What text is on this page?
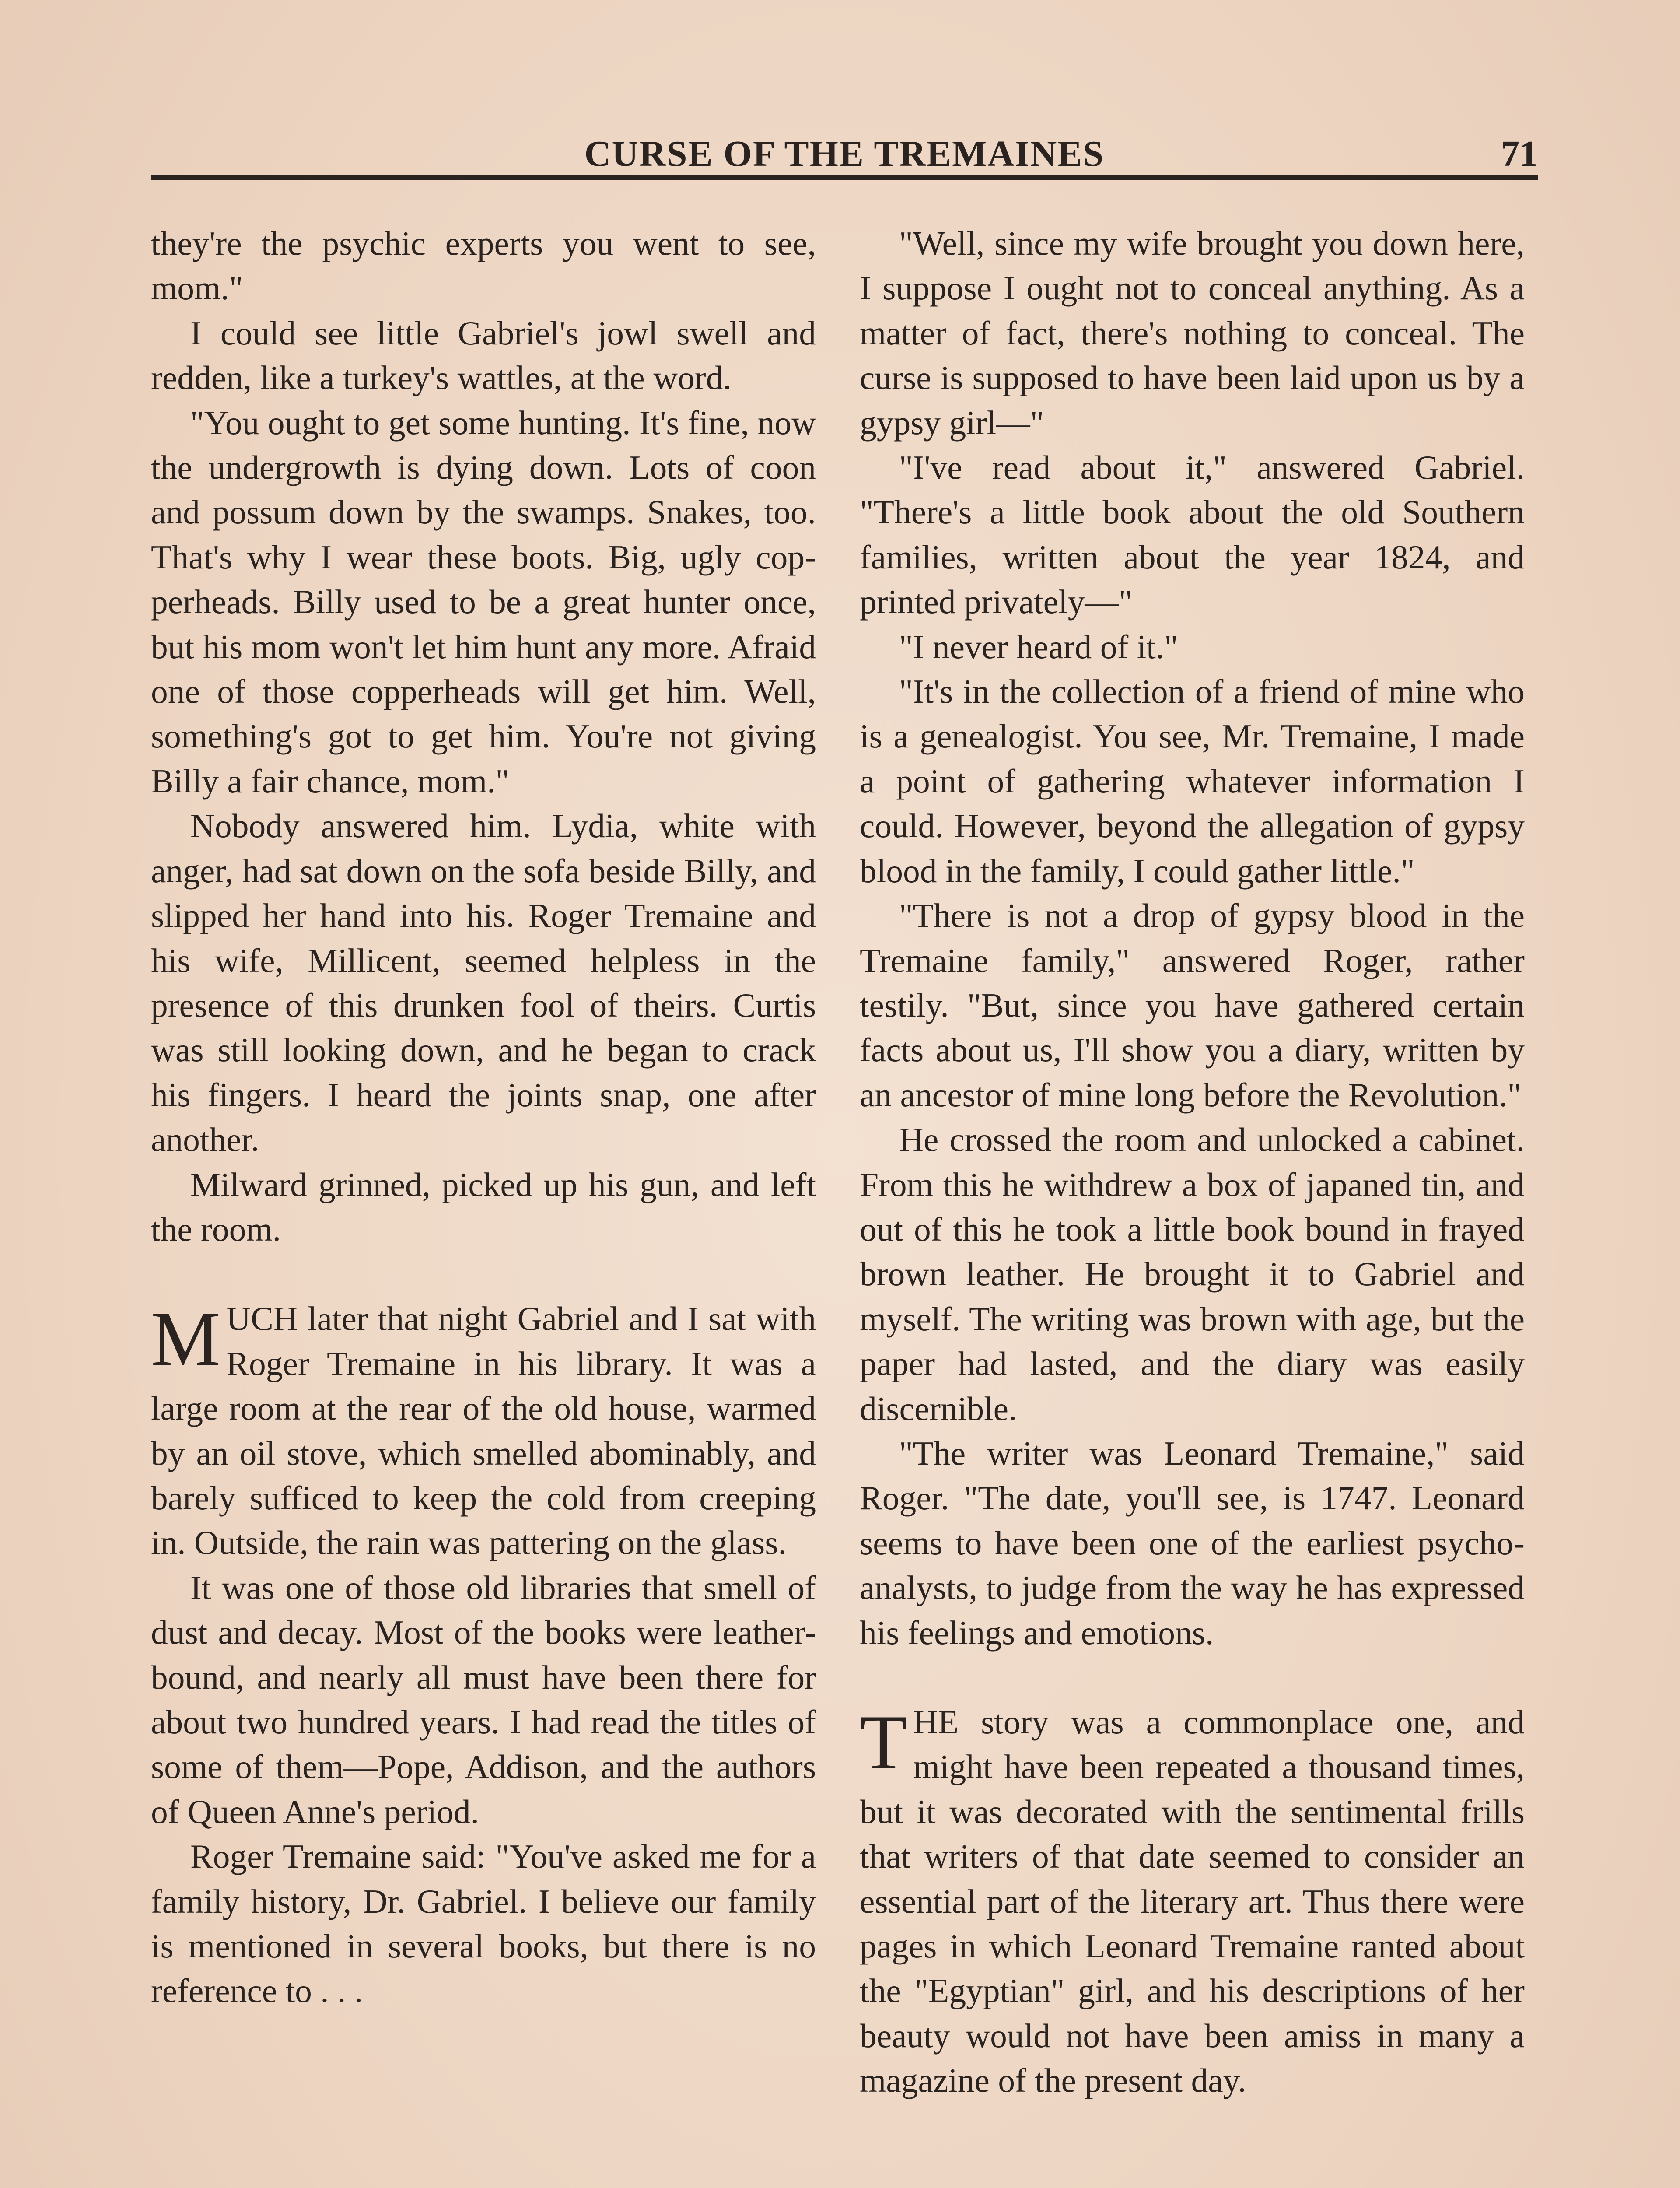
CURSE OF THE TREMAINES	71

they're the psychic experts you went to see, mom."

I could see little Gabriel's jowl swell and redden, like a turkey's wattles, at the word.

"You ought to get some hunting. It's fine, now the undergrowth is dying down. Lots of coon and possum down by the swamps. Snakes, too. That's why I wear these boots. Big, ugly copperheads. Billy used to be a great hunter once, but his mom won't let him hunt any more. Afraid one of those copperheads will get him. Well, something's got to get him. You're not giving Billy a fair chance, mom."

Nobody answered him. Lydia, white with anger, had sat down on the sofa beside Billy, and slipped her hand into his. Roger Tremaine and his wife, Millicent, seemed helpless in the presence of this drunken fool of theirs. Curtis was still looking down, and he began to crack his fingers. I heard the joints snap, one after another.

Milward grinned, picked up his gun, and left the room.

MUCH later that night Gabriel and I sat with Roger Tremaine in his library. It was a large room at the rear of the old house, warmed by an oil stove, which smelled abominably, and barely sufficed to keep the cold from creeping in. Outside, the rain was pattering on the glass.

It was one of those old libraries that smell of dust and decay. Most of the books were leather-bound, and nearly all must have been there for about two hundred years. I had read the titles of some of them—Pope, Addison, and the authors of Queen Anne's period.

Roger Tremaine said: "You've asked me for a family history, Dr. Gabriel. I believe our family is mentioned in several books, but there is no reference to . . .

"Well, since my wife brought you down here, I suppose I ought not to conceal anything. As a matter of fact, there's nothing to conceal. The curse is supposed to have been laid upon us by a gypsy girl—"

"I've read about it," answered Gabriel. "There's a little book about the old Southern families, written about the year 1824, and printed privately—"

"I never heard of it."

"It's in the collection of a friend of mine who is a genealogist. You see, Mr. Tremaine, I made a point of gathering whatever information I could. However, beyond the allegation of gypsy blood in the family, I could gather little."

"There is not a drop of gypsy blood in the Tremaine family," answered Roger, rather testily. "But, since you have gathered certain facts about us, I'll show you a diary, written by an ancestor of mine long before the Revolution."

He crossed the room and unlocked a cabinet. From this he withdrew a box of japaned tin, and out of this he took a little book bound in frayed brown leather. He brought it to Gabriel and myself. The writing was brown with age, but the paper had lasted, and the diary was easily discernible.

"The writer was Leonard Tremaine," said Roger. "The date, you'll see, is 1747. Leonard seems to have been one of the earliest psycho-analysts, to judge from the way he has expressed his feelings and emotions.

THE story was a commonplace one, and might have been repeated a thousand times, but it was decorated with the sentimental frills that writers of that date seemed to consider an essential part of the literary art. Thus there were pages in which Leonard Tremaine ranted about the "Egyptian" girl, and his descriptions of her beauty would not have been amiss in many a magazine of the present day.
